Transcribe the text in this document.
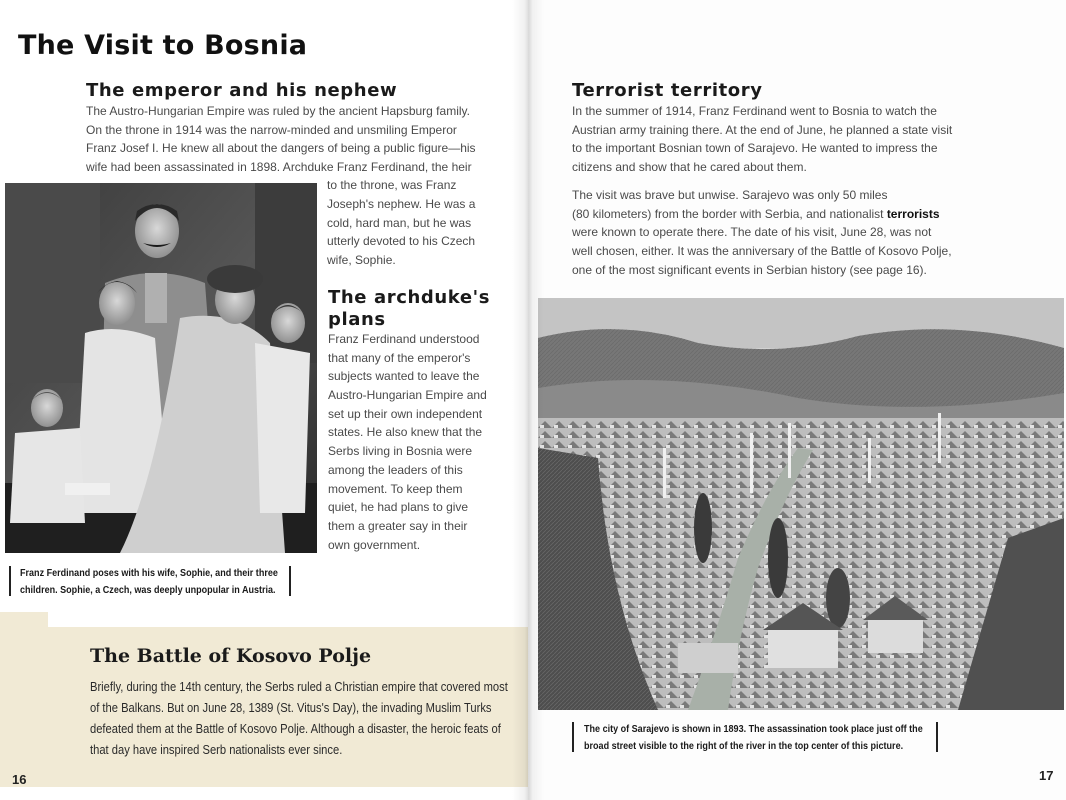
The Visit to Bosnia
The emperor and his nephew

The Austro-Hungarian Empire was ruled by the ancient Hapsburg family.

On the throne in 1914 was the narrow-minded and unsmiling Emperor

Franz Josef I. He knew all about the dangers of being a public figure—his

wife had been assassinated in 1898. Archduke Franz Ferdinand, the heir

to the throne, was Franz

Joseph's nephew. He was a

cold, hard man, but he was

utterly devoted to his Czech

wife, Sophie.

Franz Ferdinand poses with his wife, Sophie, and their three

children. Sophie, a Czech, was deeply unpopular in Austria.

The archduke's
plans

Franz Ferdinand understood

that many of the emperor's

subjects wanted to leave the

Austro-Hungarian Empire and

set up their own independent

states. He also knew that the

Serbs living in Bosnia were

among the leaders of this

movement. To keep them

quiet, he had plans to give

them a greater say in their

own government.

The Battle of Kosovo Polje

Briefly, during the 14th century, the Serbs ruled a Christian empire that covered most

of the Balkans. But on June 28, 1389 (St. Vitus's Day), the invading Muslim Turks

defeated them at the Battle of Kosovo Polje. Although a disaster, the heroic feats of

that day have inspired Serb nationalists ever since.

16

Terrorist territory

In the summer of 1914, Franz Ferdinand went to Bosnia to watch the

Austrian army training there. At the end of June, he planned a state visit

to the important Bosnian town of Sarajevo. He wanted to impress the

citizens and show that he cared about them.

The visit was brave but unwise. Sarajevo was only 50 miles

(80 kilometers) from the border with Serbia, and nationalist terrorists

were known to operate there. The date of his visit, June 28, was not

well chosen, either. It was the anniversary of the Battle of Kosovo Polje,

one of the most significant events in Serbian history (see page 16).

The city of Sarajevo is shown in 1893. The assassination took place just off the

broad street visible to the right of the river in the top center of this picture.

17
